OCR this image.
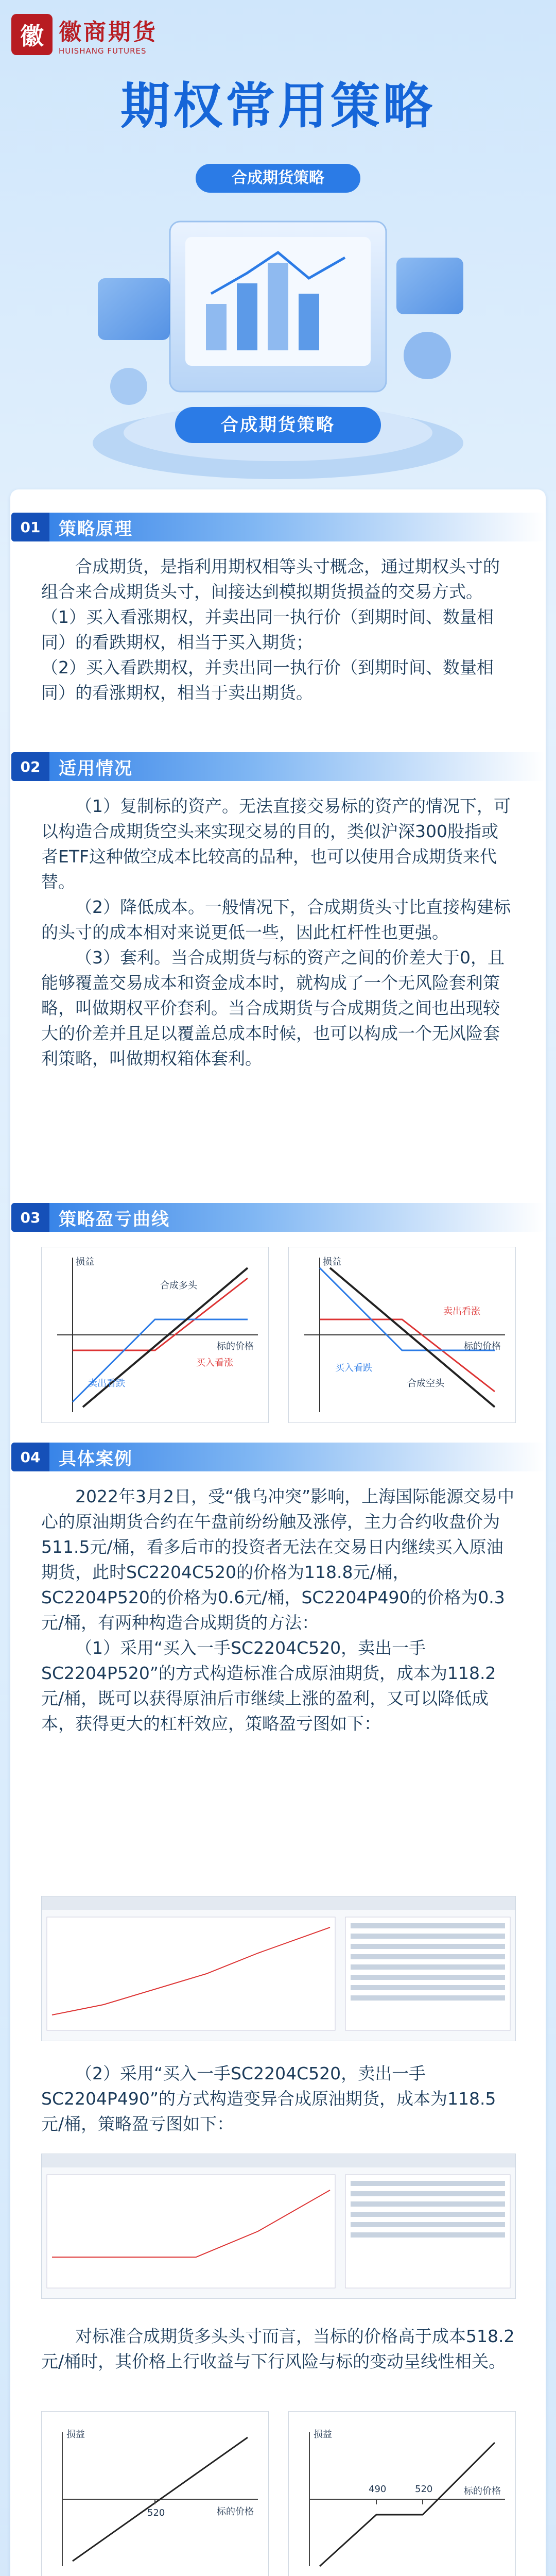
徽 徽商期货
HUISHANG FUTURES
期权常用策略
合成期货策略
合成期货策略
01	策略原理

合成期货，是指利用期权相等头寸概念，通过期权头寸的组合来合成期货头寸，间接达到模拟期货损益的交易方式。

（1）买入看涨期权，并卖出同一执行价（到期时间、数量相同）的看跌期权，相当于买入期货；

（2）买入看跌期权，并卖出同一执行价（到期时间、数量相同）的看涨期权，相当于卖出期货。

02	适用情况

（1）复制标的资产。无法直接交易标的资产的情况下，可以构造合成期货空头来实现交易的目的，类似沪深300股指或者ETF这种做空成本比较高的品种，也可以使用合成期货来代替。

（2）降低成本。一般情况下，合成期货头寸比直接构建标的头寸的成本相对来说更低一些，因此杠杆性也更强。

（3）套利。当合成期货与标的资产之间的价差大于0，且能够覆盖交易成本和资金成本时，就构成了一个无风险套利策略，叫做期权平价套利。当合成期货与合成期货之间也出现较大的价差并且足以覆盖总成本时候，也可以构成一个无风险套利策略，叫做期权箱体套利。

03	策略盈亏曲线
损益
标的价格
买入看涨
卖出看跌
合成多头
损益
标的价格
卖出看涨
买入看跌
合成空头
04	具体案例

2022年3月2日，受“俄乌冲突”影响，上海国际能源交易中心的原油期货合约在午盘前纷纷触及涨停，主力合约收盘价为511.5元/桶，看多后市的投资者无法在交易日内继续买入原油期货，此时SC2204C520的价格为118.8元/桶，SC2204P520的价格为0.6元/桶，SC2204P490的价格为0.3元/桶，有两种构造合成期货的方法：

（1）采用“买入一手SC2204C520，卖出一手SC2204P520”的方式构造标准合成原油期货，成本为118.2元/桶，既可以获得原油后市继续上涨的盈利，又可以降低成本，获得更大的杠杆效应，策略盈亏图如下：

（2）采用“买入一手SC2204C520，卖出一手SC2204P490”的方式构造变异合成原油期货，成本为118.5元/桶，策略盈亏图如下：

对标准合成期货多头头寸而言，当标的价格高于成本518.2元/桶时，其价格上行收益与下行风险与标的变动呈线性相关。

损益
标的价格
520
损益
标的价格
490	520
